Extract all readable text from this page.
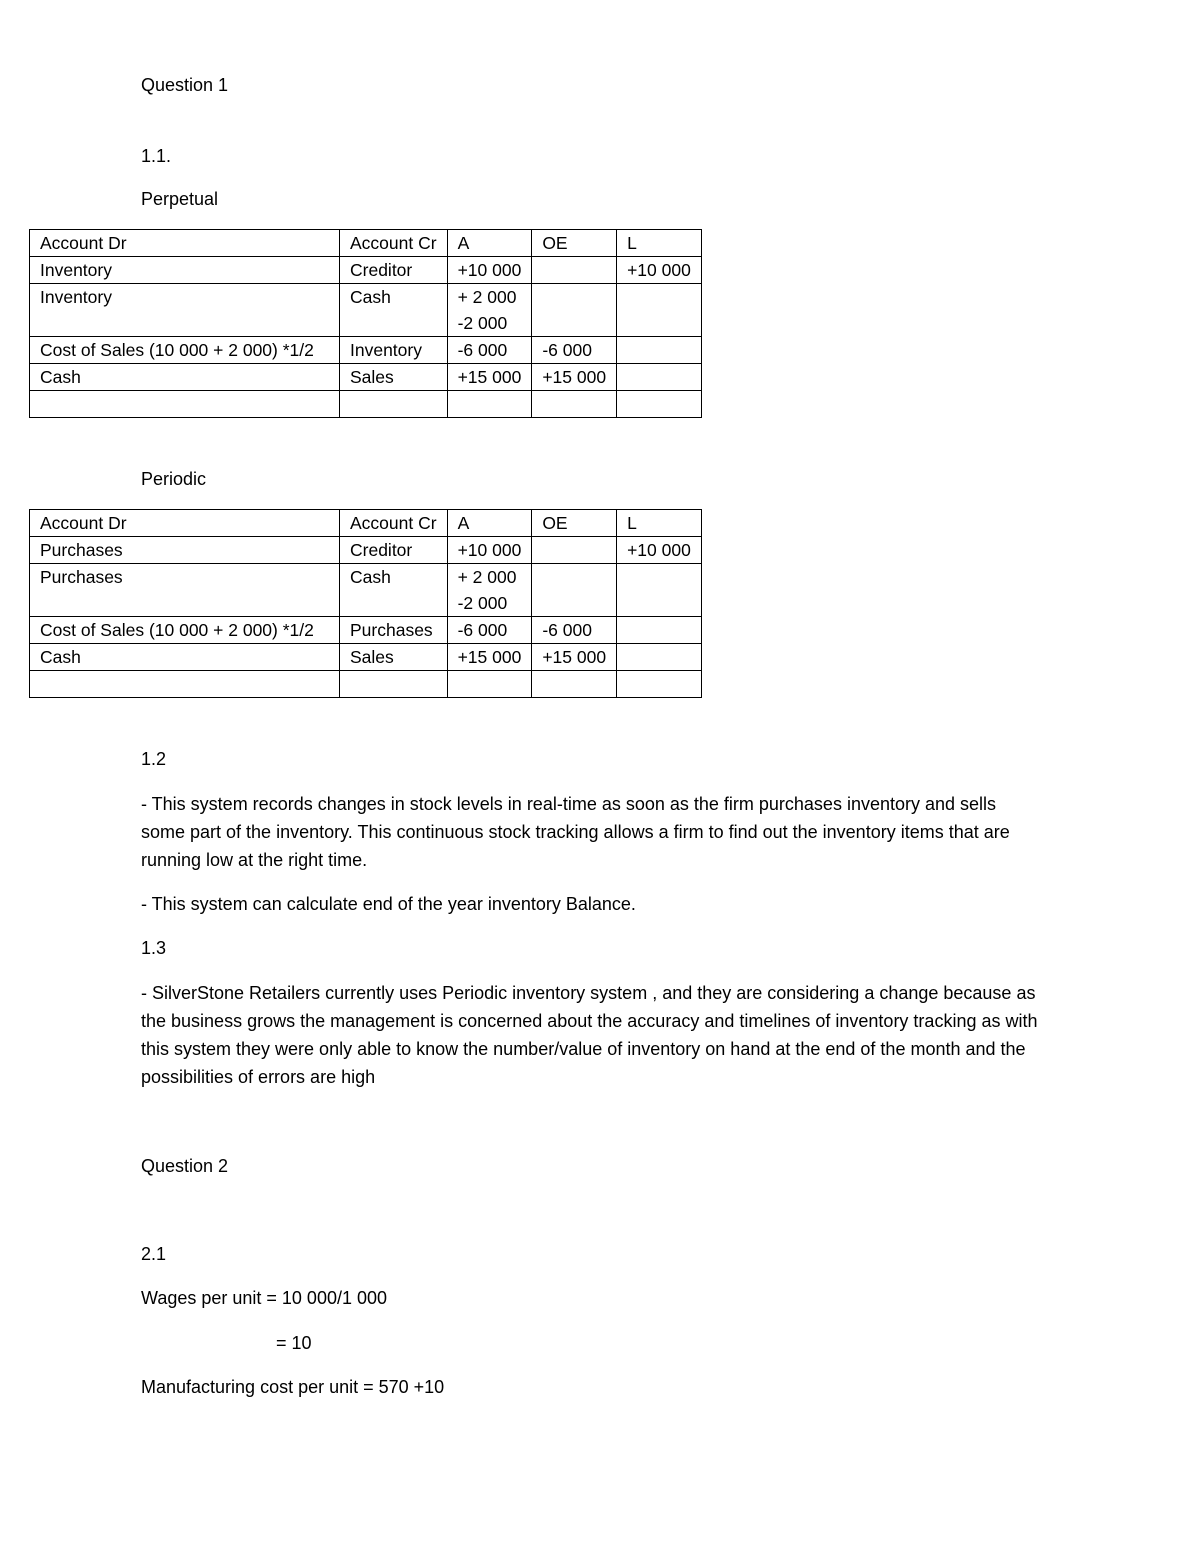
Question 1
1.1.
Perpetual
Account Dr	Account Cr	A	OE	L
Inventory	Creditor	+10 000		+10 000
Inventory	Cash	+ 2 000
-2 000		

Cost of Sales (10 000 + 2 000) *1/2	Inventory	-6 000	-6 000	
Cash	Sales	+15 000	+15 000	

Periodic
Account Dr	Account Cr	A	OE	L
Purchases	Creditor	+10 000		+10 000
Purchases	Cash	+ 2 000
-2 000		

Cost of Sales (10 000 + 2 000) *1/2	Purchases	-6 000	-6 000	
Cash	Sales	+15 000	+15 000	

1.2
- This system records changes in stock levels in real-time as soon as the firm purchases inventory and sells some part of the inventory. This continuous stock tracking allows a firm to find out the inventory items that are running low at the right time.
- This system can calculate end of the year inventory Balance.
1.3
- SilverStone Retailers currently uses Periodic inventory system , and they are considering a change because as the business grows the management is concerned about the accuracy and timelines of inventory tracking as with this system they were only able to know the number/value of inventory on hand at the end of the month and the possibilities of errors are high
Question 2
2.1
Wages per unit = 10 000/1 000
= 10
Manufacturing cost per unit = 570 +10
